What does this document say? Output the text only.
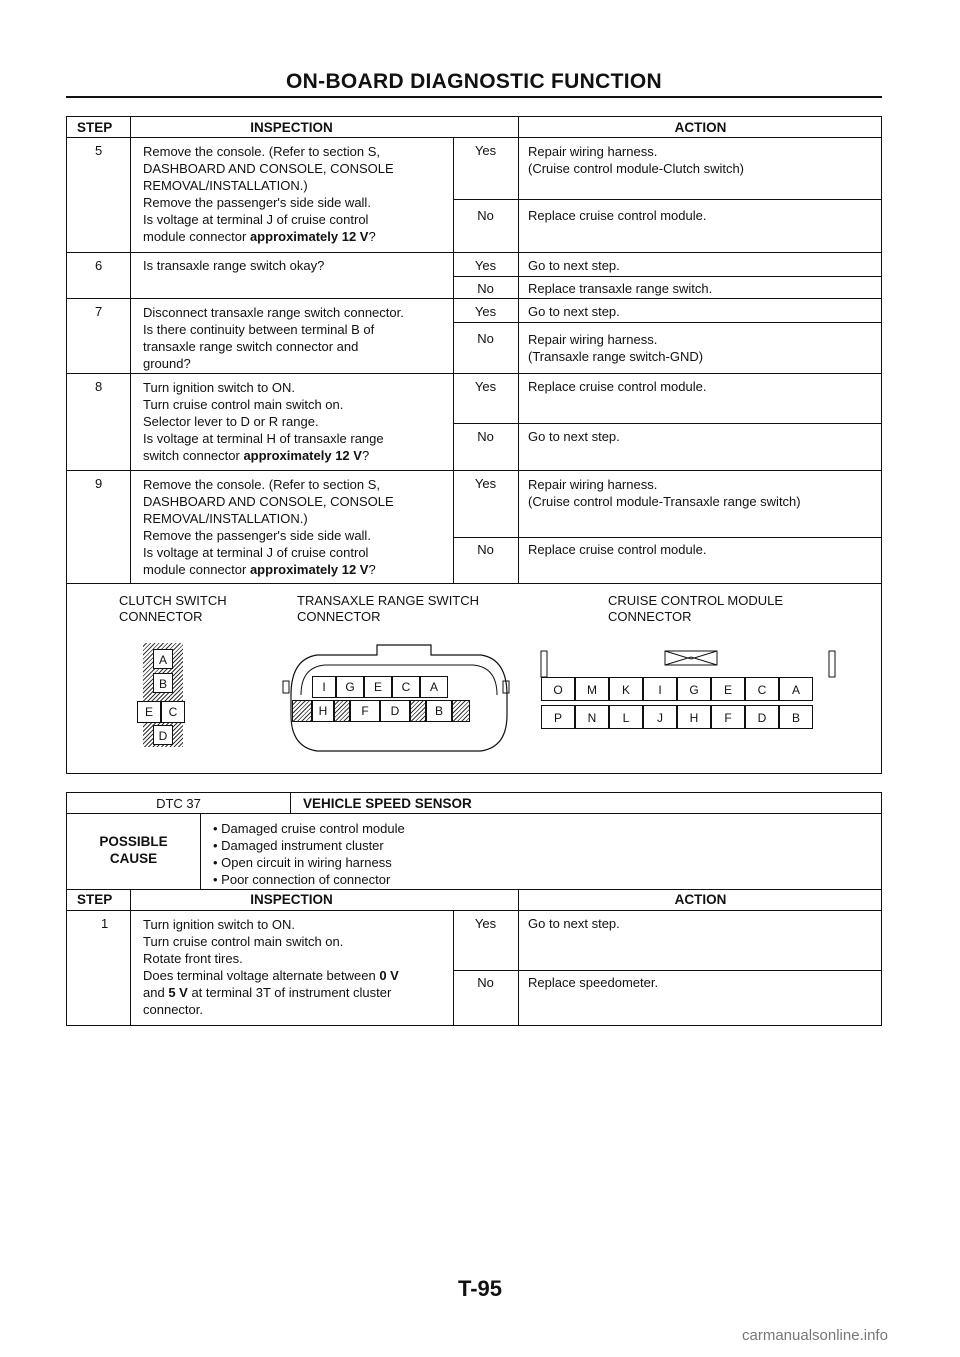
ON-BOARD DIAGNOSTIC FUNCTION
STEP	INSPECTION	ACTION
5	Remove the console. (Refer to section S,
DASHBOARD AND CONSOLE, CONSOLE
REMOVAL/INSTALLATION.)
Remove the passenger's side side wall.
Is voltage at terminal J of cruise control
module connector approximately 12 V?
Yes	Repair wiring harness.
(Cruise control module-Clutch switch)
No	Replace cruise control module.
6	Is transaxle range switch okay?	Yes	Go to next step.
No	Replace transaxle range switch.
7	Disconnect transaxle range switch connector.
Is there continuity between terminal B of
transaxle range switch connector and
ground?
Yes	Go to next step.
No	Repair wiring harness.
(Transaxle range switch-GND)
8	Turn ignition switch to ON.
Turn cruise control main switch on.
Selector lever to D or R range.
Is voltage at terminal H of transaxle range
switch connector approximately 12 V?
Yes	Replace cruise control module.
No	Go to next step.
9	Remove the console. (Refer to section S,
DASHBOARD AND CONSOLE, CONSOLE
REMOVAL/INSTALLATION.)
Remove the passenger's side side wall.
Is voltage at terminal J of cruise control
module connector approximately 12 V?
Yes	Repair wiring harness.
(Cruise control module-Transaxle range switch)
No	Replace cruise control module.
CLUTCH SWITCH
CONNECTOR
TRANSAXLE RANGE SWITCH
CONNECTOR
CRUISE CONTROL MODULE
CONNECTOR
A
B
E	C
D
I	G	E	C	A
H	F	D	B
O	M	K	I	G	E	C	A
P	N	L	J	H	F	D	B
DTC 37	VEHICLE SPEED SENSOR
POSSIBLE
CAUSE
• Damaged cruise control module
• Damaged instrument cluster
• Open circuit in wiring harness
• Poor connection of connector
STEP	INSPECTION	ACTION
1	Turn ignition switch to ON.
Turn cruise control main switch on.
Rotate front tires.
Does terminal voltage alternate between 0 V
and 5 V at terminal 3T of instrument cluster
connector.
Yes	Go to next step.
No	Replace speedometer.
T-95
carmanualsonline.info
